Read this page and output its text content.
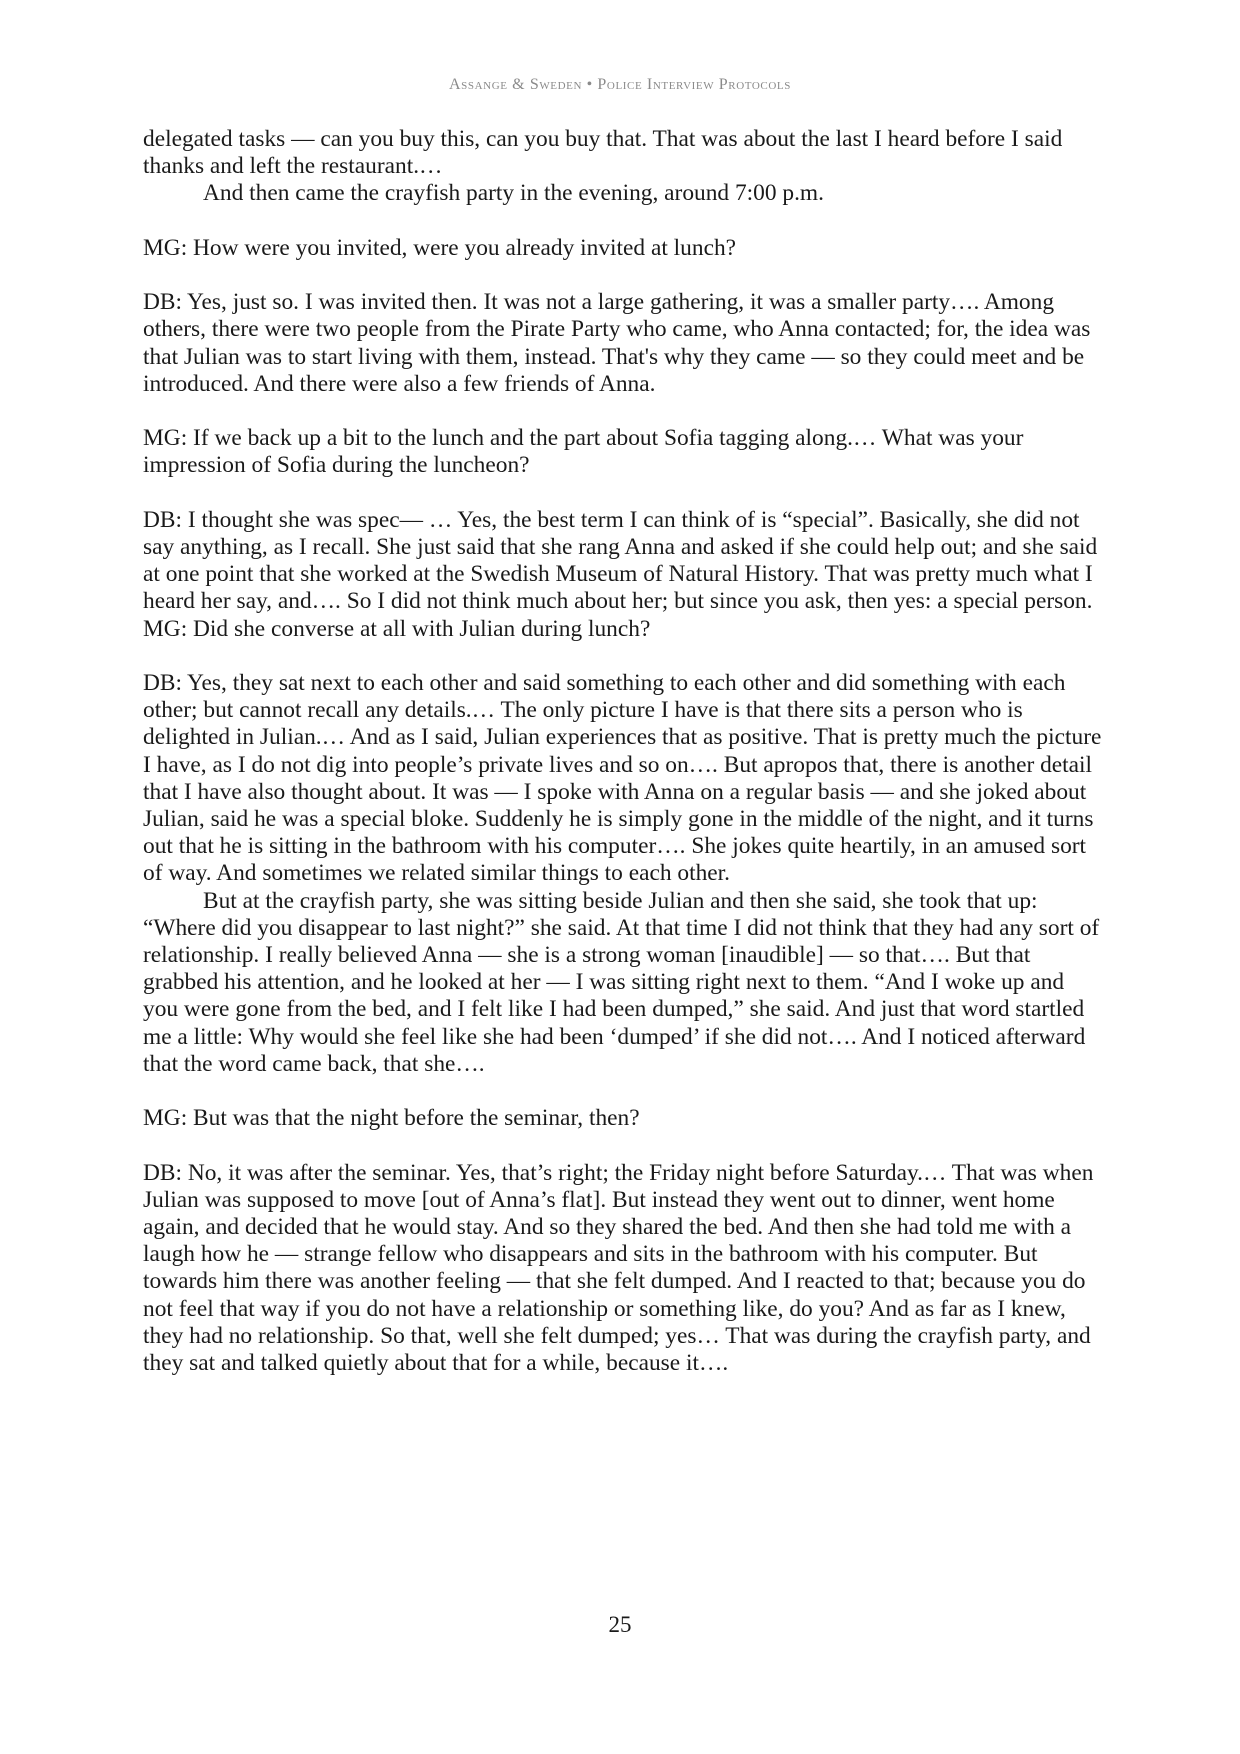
Assange & Sweden • Police Interview Protocols

delegated tasks — can you buy this, can you buy that. That was about the last I heard before I said thanks and left the restaurant.…

And then came the crayfish party in the evening, around 7:00 p.m.

MG: How were you invited, were you already invited at lunch?

DB: Yes, just so. I was invited then. It was not a large gathering, it was a smaller party…. Among others, there were two people from the Pirate Party who came, who Anna contacted; for, the idea was that Julian was to start living with them, instead. That's why they came — so they could meet and be introduced. And there were also a few friends of Anna.

MG: If we back up a bit to the lunch and the part about Sofia tagging along.… What was your impression of Sofia during the luncheon?

DB: I thought she was spec— … Yes, the best term I can think of is “special”. Basically, she did not say anything, as I recall. She just said that she rang Anna and asked if she could help out; and she said at one point that she worked at the Swedish Museum of Natural History. That was pretty much what I heard her say, and…. So I did not think much about her; but since you ask, then yes: a special person.

MG: Did she converse at all with Julian during lunch?

DB: Yes, they sat next to each other and said something to each other and did something with each other; but cannot recall any details.… The only picture I have is that there sits a person who is delighted in Julian.… And as I said, Julian experiences that as positive. That is pretty much the picture I have, as I do not dig into people’s private lives and so on…. But apropos that, there is another detail that I have also thought about. It was — I spoke with Anna on a regular basis — and she joked about Julian, said he was a special bloke. Suddenly he is simply gone in the middle of the night, and it turns out that he is sitting in the bathroom with his computer…. She jokes quite heartily, in an amused sort of way. And sometimes we related similar things to each other.

But at the crayfish party, she was sitting beside Julian and then she said, she took that up: “Where did you disappear to last night?” she said. At that time I did not think that they had any sort of relationship. I really believed Anna — she is a strong woman [inaudible] — so that…. But that grabbed his attention, and he looked at her — I was sitting right next to them. “And I woke up and you were gone from the bed, and I felt like I had been dumped,” she said. And just that word startled me a little: Why would she feel like she had been ‘dumped’ if she did not…. And I noticed afterward that the word came back, that she….

MG: But was that the night before the seminar, then?

DB: No, it was after the seminar. Yes, that’s right; the Friday night before Saturday.… That was when Julian was supposed to move [out of Anna’s flat]. But instead they went out to dinner, went home again, and decided that he would stay. And so they shared the bed. And then she had told me with a laugh how he — strange fellow who disappears and sits in the bathroom with his computer. But towards him there was another feeling — that she felt dumped. And I reacted to that; because you do not feel that way if you do not have a relationship or something like, do you? And as far as I knew, they had no relationship. So that, well she felt dumped; yes… That was during the crayfish party, and they sat and talked quietly about that for a while, because it….

25
